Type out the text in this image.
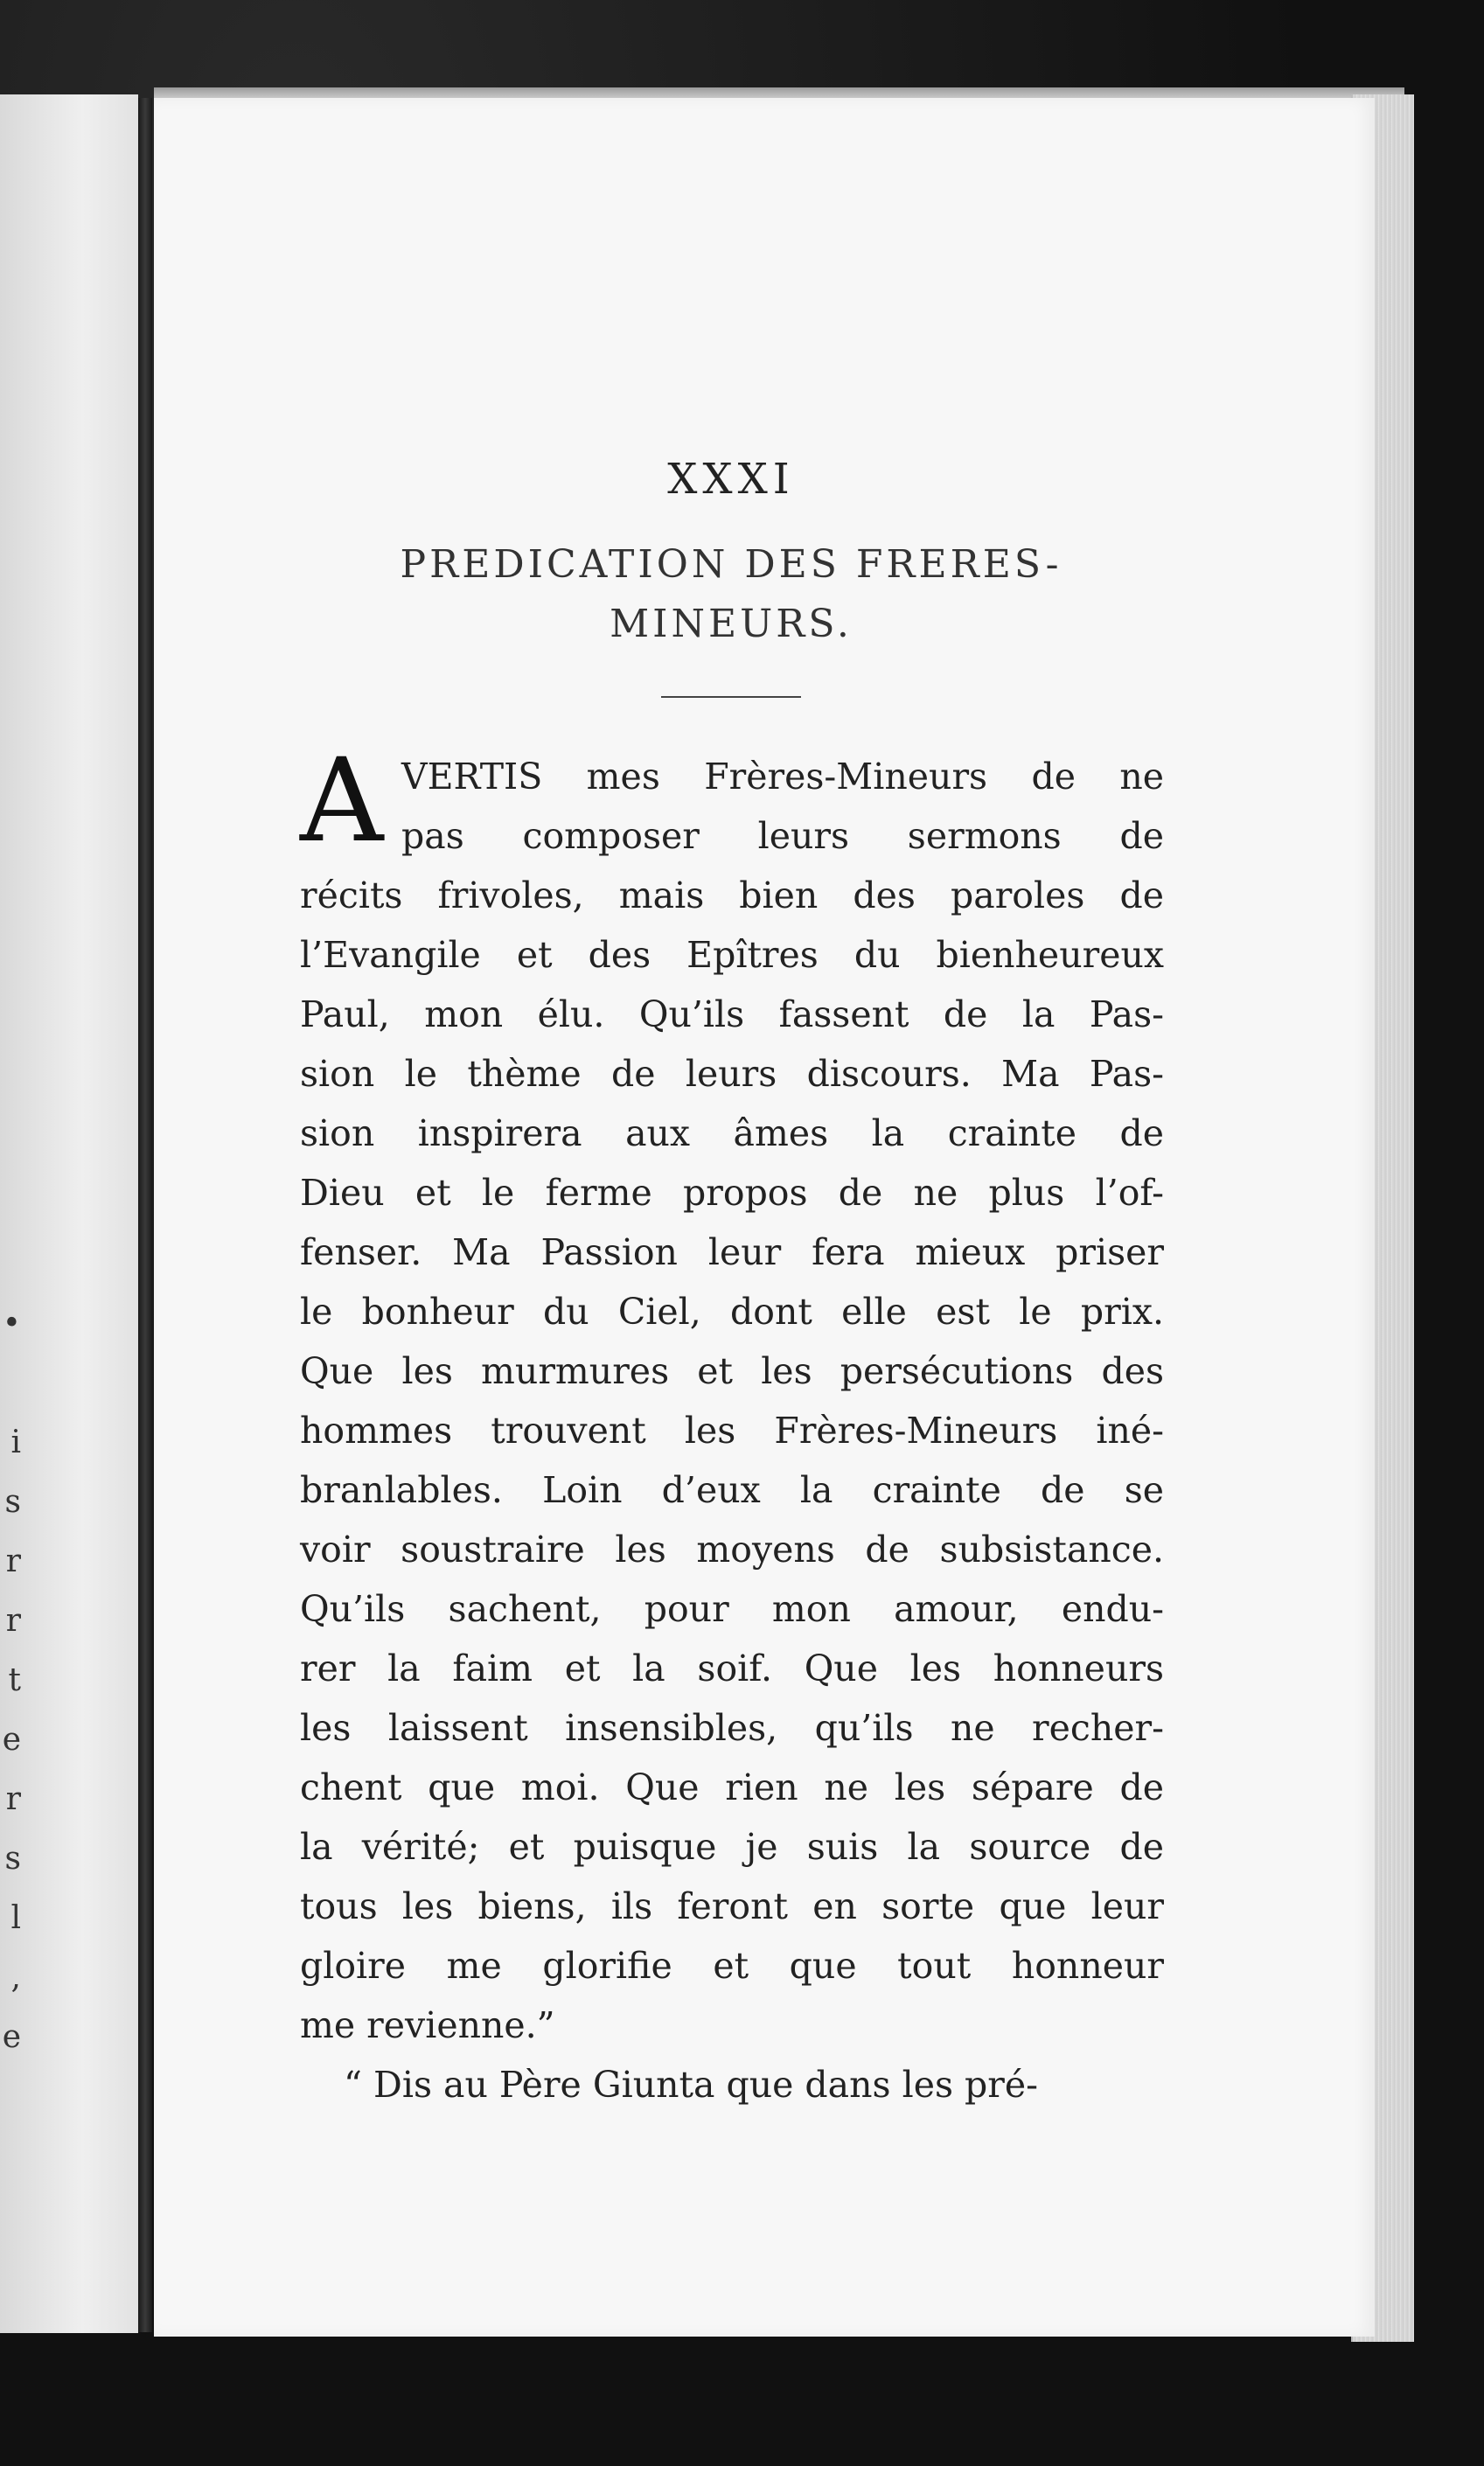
•
i
s
r
r
t
e
r
s
l
,
e
XXXI
PREDICATION DES FRERES-
MINEURS.
A VERTIS mes Frères-Mineurs de ne
pas composer leurs sermons de
récits frivoles, mais bien des paroles de
l’Evangile et des Epîtres du bienheureux
Paul, mon élu. Qu’ils fassent de la Pas-
sion le thème de leurs discours. Ma Pas-
sion inspirera aux âmes la crainte de
Dieu et le ferme propos de ne plus l’of-
fenser. Ma Passion leur fera mieux priser
le bonheur du Ciel, dont elle est le prix.
Que les murmures et les persécutions des
hommes trouvent les Frères-Mineurs iné-
branlables. Loin d’eux la crainte de se
voir soustraire les moyens de subsistance.
Qu’ils sachent, pour mon amour, endu-
rer la faim et la soif. Que les honneurs
les laissent insensibles, qu’ils ne recher-
chent que moi. Que rien ne les sépare de
la vérité; et puisque je suis la source de
tous les biens, ils feront en sorte que leur
gloire me glorifie et que tout honneur
me revienne.”
“ Dis au Père Giunta que dans les pré-
